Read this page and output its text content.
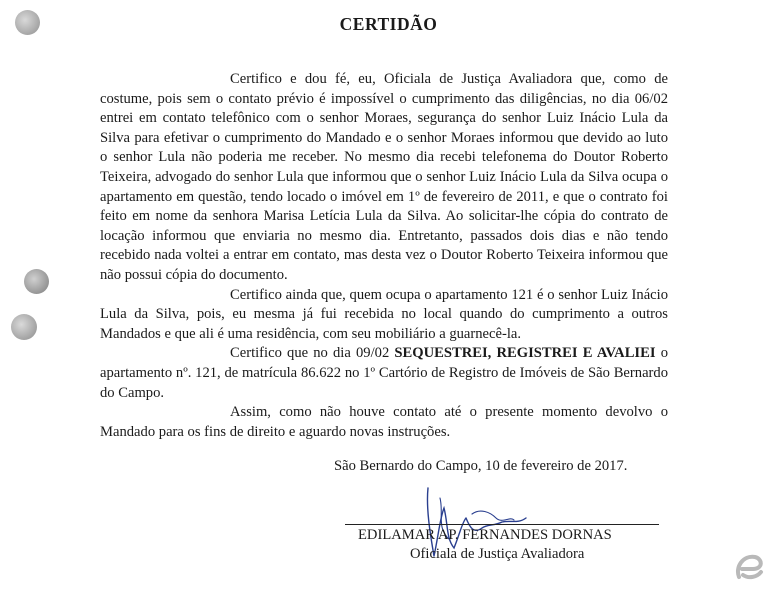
CERTIDÃO

Certifico e dou fé, eu, Oficiala de Justiça Avaliadora que, como de costume, pois sem o contato prévio é impossível o cumprimento das diligências, no dia 06/02 entrei em contato telefônico com o senhor Moraes, segurança do senhor Luiz Inácio Lula da Silva para efetivar o cumprimento do Mandado e o senhor Moraes informou que devido ao luto o senhor Lula não poderia me receber. No mesmo dia recebi telefonema do Doutor Roberto Teixeira, advogado do senhor Lula que informou que o senhor Luiz Inácio Lula da Silva ocupa o apartamento em questão, tendo locado o imóvel em 1º de fevereiro de 2011, e que o contrato foi feito em nome da senhora Marisa Letícia Lula da Silva. Ao solicitar-lhe cópia do contrato de locação informou que enviaria no mesmo dia. Entretanto, passados dois dias e não tendo recebido nada voltei a entrar em contato, mas desta vez o Doutor Roberto Teixeira informou que não possui cópia do documento.

Certifico ainda que, quem ocupa o apartamento 121 é o senhor Luiz Inácio Lula da Silva, pois, eu mesma já fui recebida no local quando do cumprimento a outros Mandados e que ali é uma residência, com seu mobiliário a guarnecê-la.

Certifico que no dia 09/02 SEQUESTREI, REGISTREI E AVALIEI o apartamento nº. 121, de matrícula 86.622 no 1º Cartório de Registro de Imóveis de São Bernardo do Campo.

Assim, como não houve contato até o presente momento devolvo o Mandado para os fins de direito e aguardo novas instruções.

São Bernardo do Campo, 10 de fevereiro de 2017.
EDILAMAR AP. FERNANDES DORNAS
Oficiala de Justiça Avaliadora
